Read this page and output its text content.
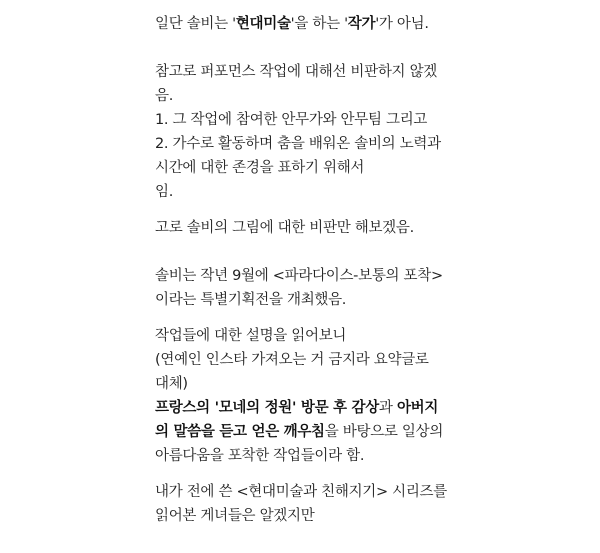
일단 솔비는 '현대미술'을 하는 '작가'가 아님.
참고로 퍼포먼스 작업에 대해선 비판하지 않겠
음.
1. 그 작업에 참여한 안무가와 안무팀 그리고
2. 가수로 활동하며 춤을 배워온 솔비의 노력과
시간에 대한 존경을 표하기 위해서
임.
고로 솔비의 그림에 대한 비판만 해보겠음.
솔비는 작년 9월에 <파라다이스-보통의 포착>
이라는 특별기획전을 개최했음.
작업들에 대한 설명을 읽어보니
(연예인 인스타 가져오는 거 금지라 요약글로
대체)
프랑스의 '모네의 정원' 방문 후 감상과 아버지
의 말씀을 듣고 얻은 깨우침을 바탕으로 일상의
아름다움을 포착한 작업들이라 함.
내가 전에 쓴 <현대미술과 친해지기> 시리즈를
읽어본 게녀들은 알겠지만
